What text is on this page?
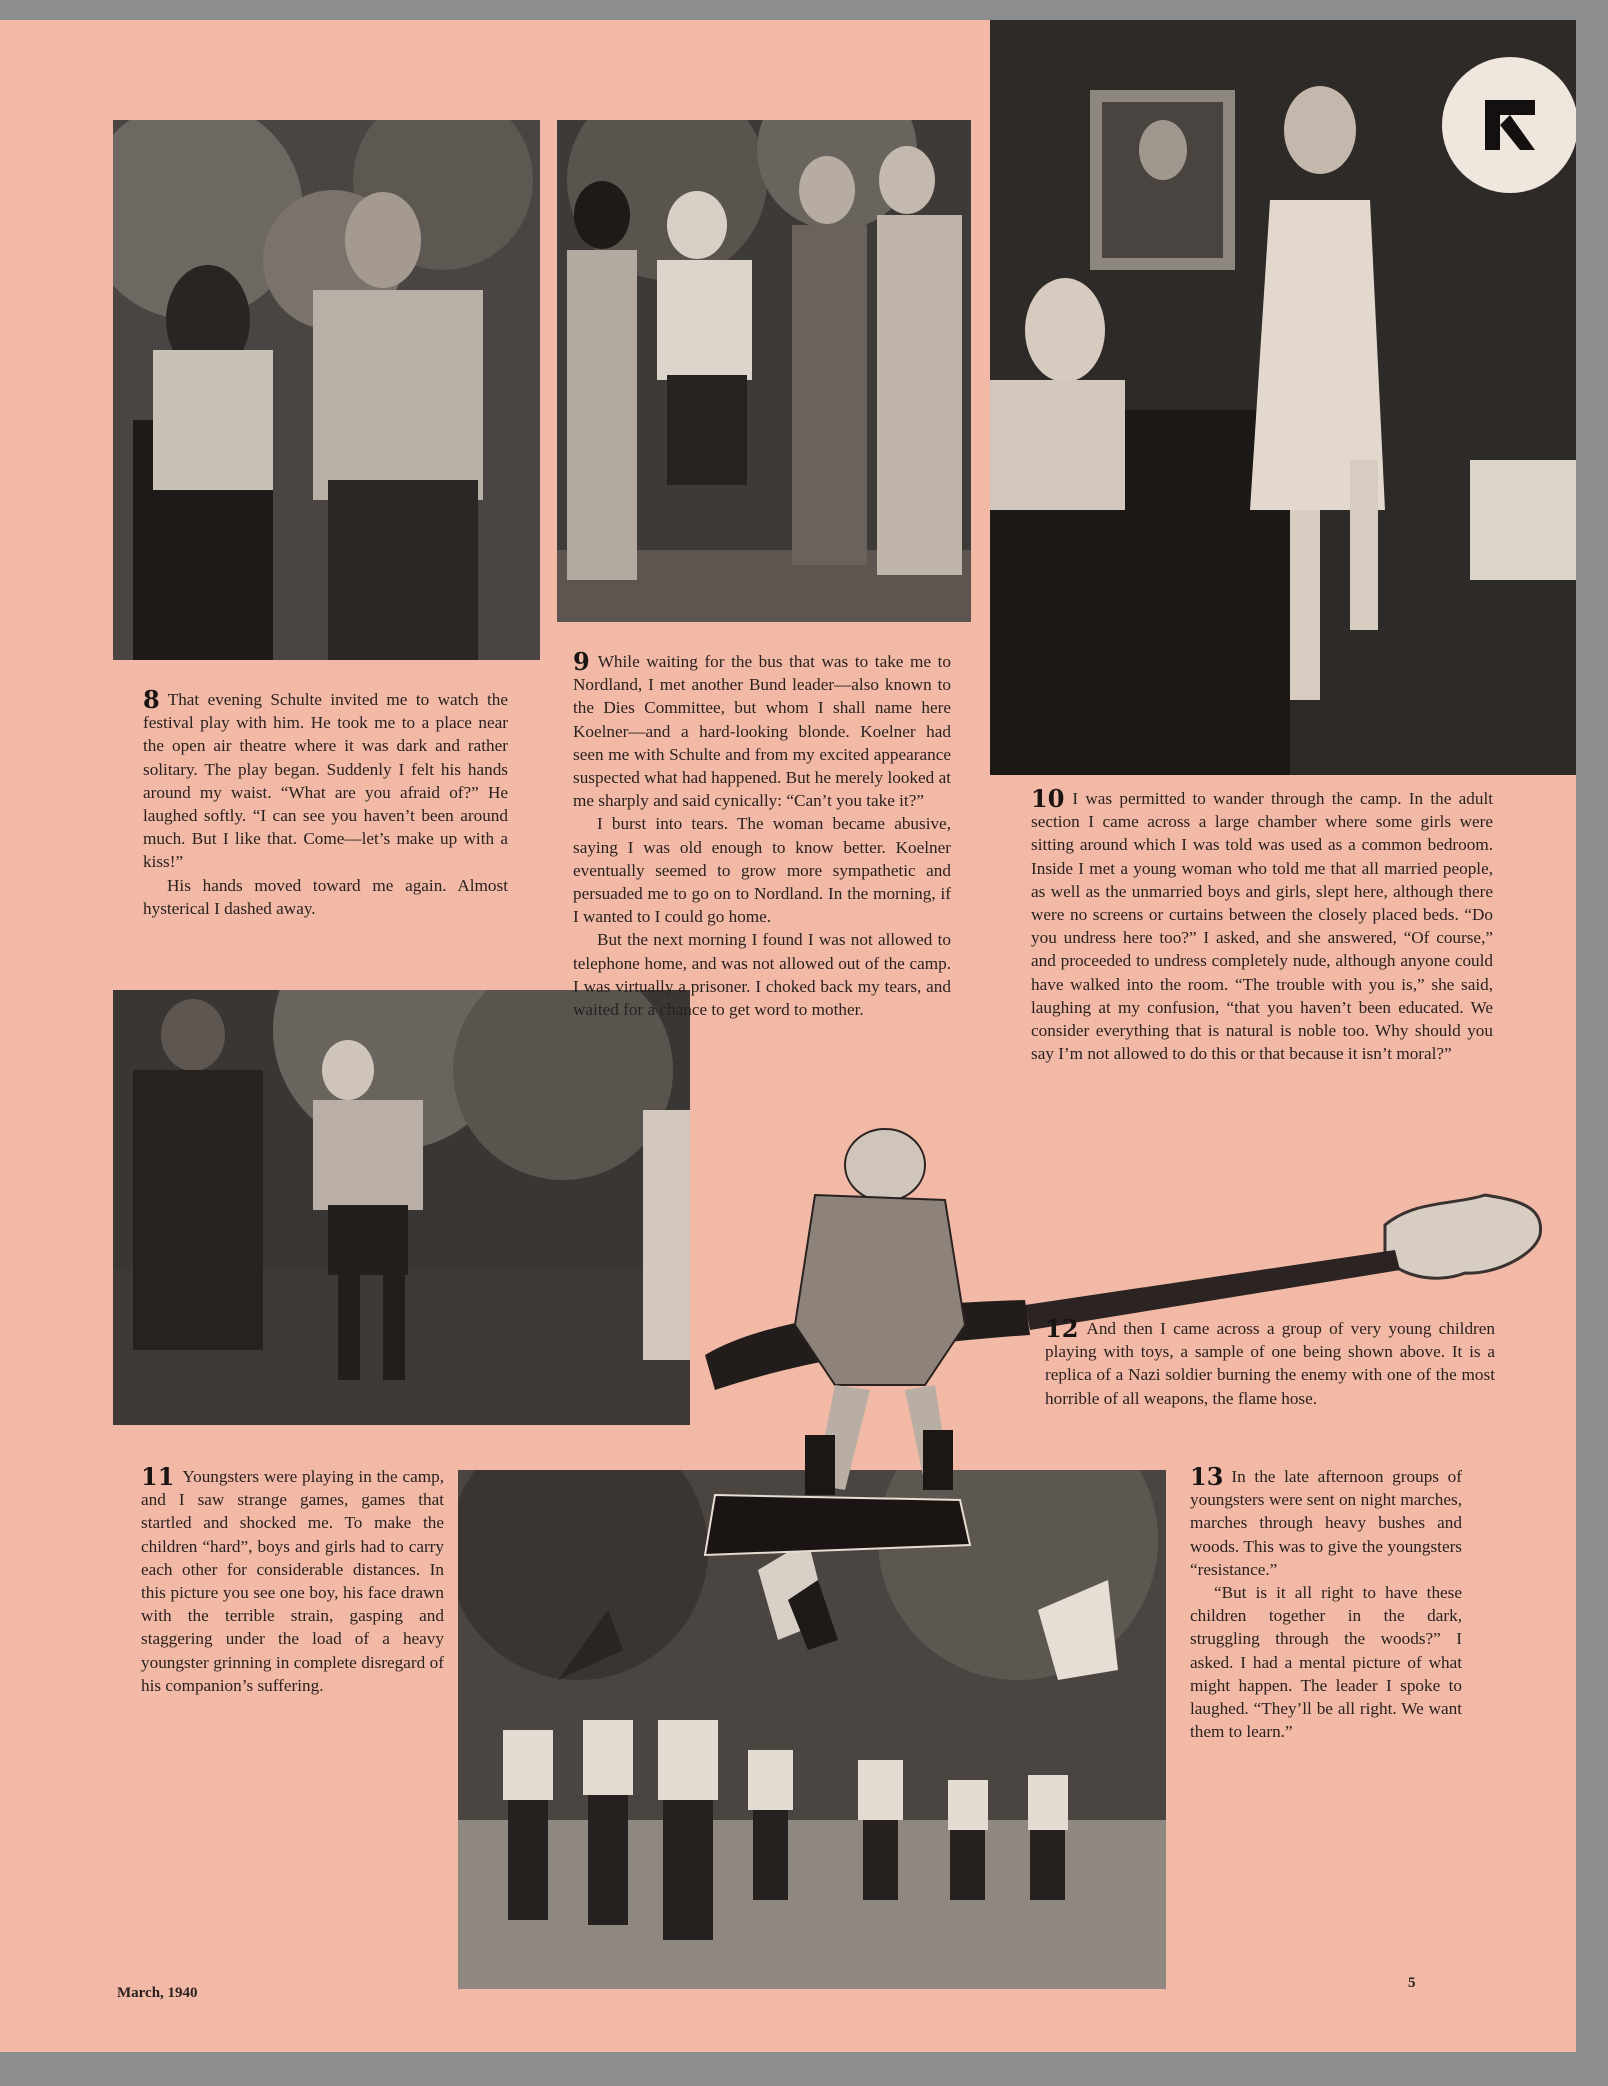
8 That evening Schulte invited me to watch the festival play with him. He took me to a place near the open air theatre where it was dark and rather solitary. The play began. Suddenly I felt his hands around my waist. “What are you afraid of?” He laughed softly. “I can see you haven’t been around much. But I like that. Come—let’s make up with a kiss!”

His hands moved toward me again. Almost hysterical I dashed away.

9 While waiting for the bus that was to take me to Nordland, I met another Bund leader—also known to the Dies Committee, but whom I shall name here Koelner—and a hard-looking blonde. Koelner had seen me with Schulte and from my excited appearance suspected what had happened. But he merely looked at me sharply and said cynically: “Can’t you take it?”

I burst into tears. The woman became abusive, saying I was old enough to know better. Koelner eventually seemed to grow more sympathetic and persuaded me to go on to Nordland. In the morning, if I wanted to I could go home.

But the next morning I found I was not allowed to telephone home, and was not allowed out of the camp. I was virtually a prisoner. I choked back my tears, and waited for a chance to get word to mother.

10 I was permitted to wander through the camp. In the adult section I came across a large chamber where some girls were sitting around which I was told was used as a common bedroom. Inside I met a young woman who told me that all married people, as well as the unmarried boys and girls, slept here, although there were no screens or curtains between the closely placed beds. “Do you undress here too?” I asked, and she answered, “Of course,” and proceeded to undress completely nude, although anyone could have walked into the room. “The trouble with you is,” she said, laughing at my confusion, “that you haven’t been educated. We consider everything that is natural is noble too. Why should you say I’m not allowed to do this or that because it isn’t moral?”

12 And then I came across a group of very young children playing with toys, a sample of one being shown above. It is a replica of a Nazi soldier burning the enemy with one of the most horrible of all weapons, the flame hose.

11 Youngsters were playing in the camp, and I saw strange games, games that startled and shocked me. To make the children “hard”, boys and girls had to carry each other for considerable distances. In this picture you see one boy, his face drawn with the terrible strain, gasping and staggering under the load of a heavy youngster grinning in complete disregard of his companion’s suffering.

13 In the late afternoon groups of youngsters were sent on night marches, marches through heavy bushes and woods. This was to give the youngsters “resistance.”

“But is it all right to have these children together in the dark, struggling through the woods?” I asked. I had a mental picture of what might happen. The leader I spoke to laughed. “They’ll be all right. We want them to learn.”

March, 1940
5
